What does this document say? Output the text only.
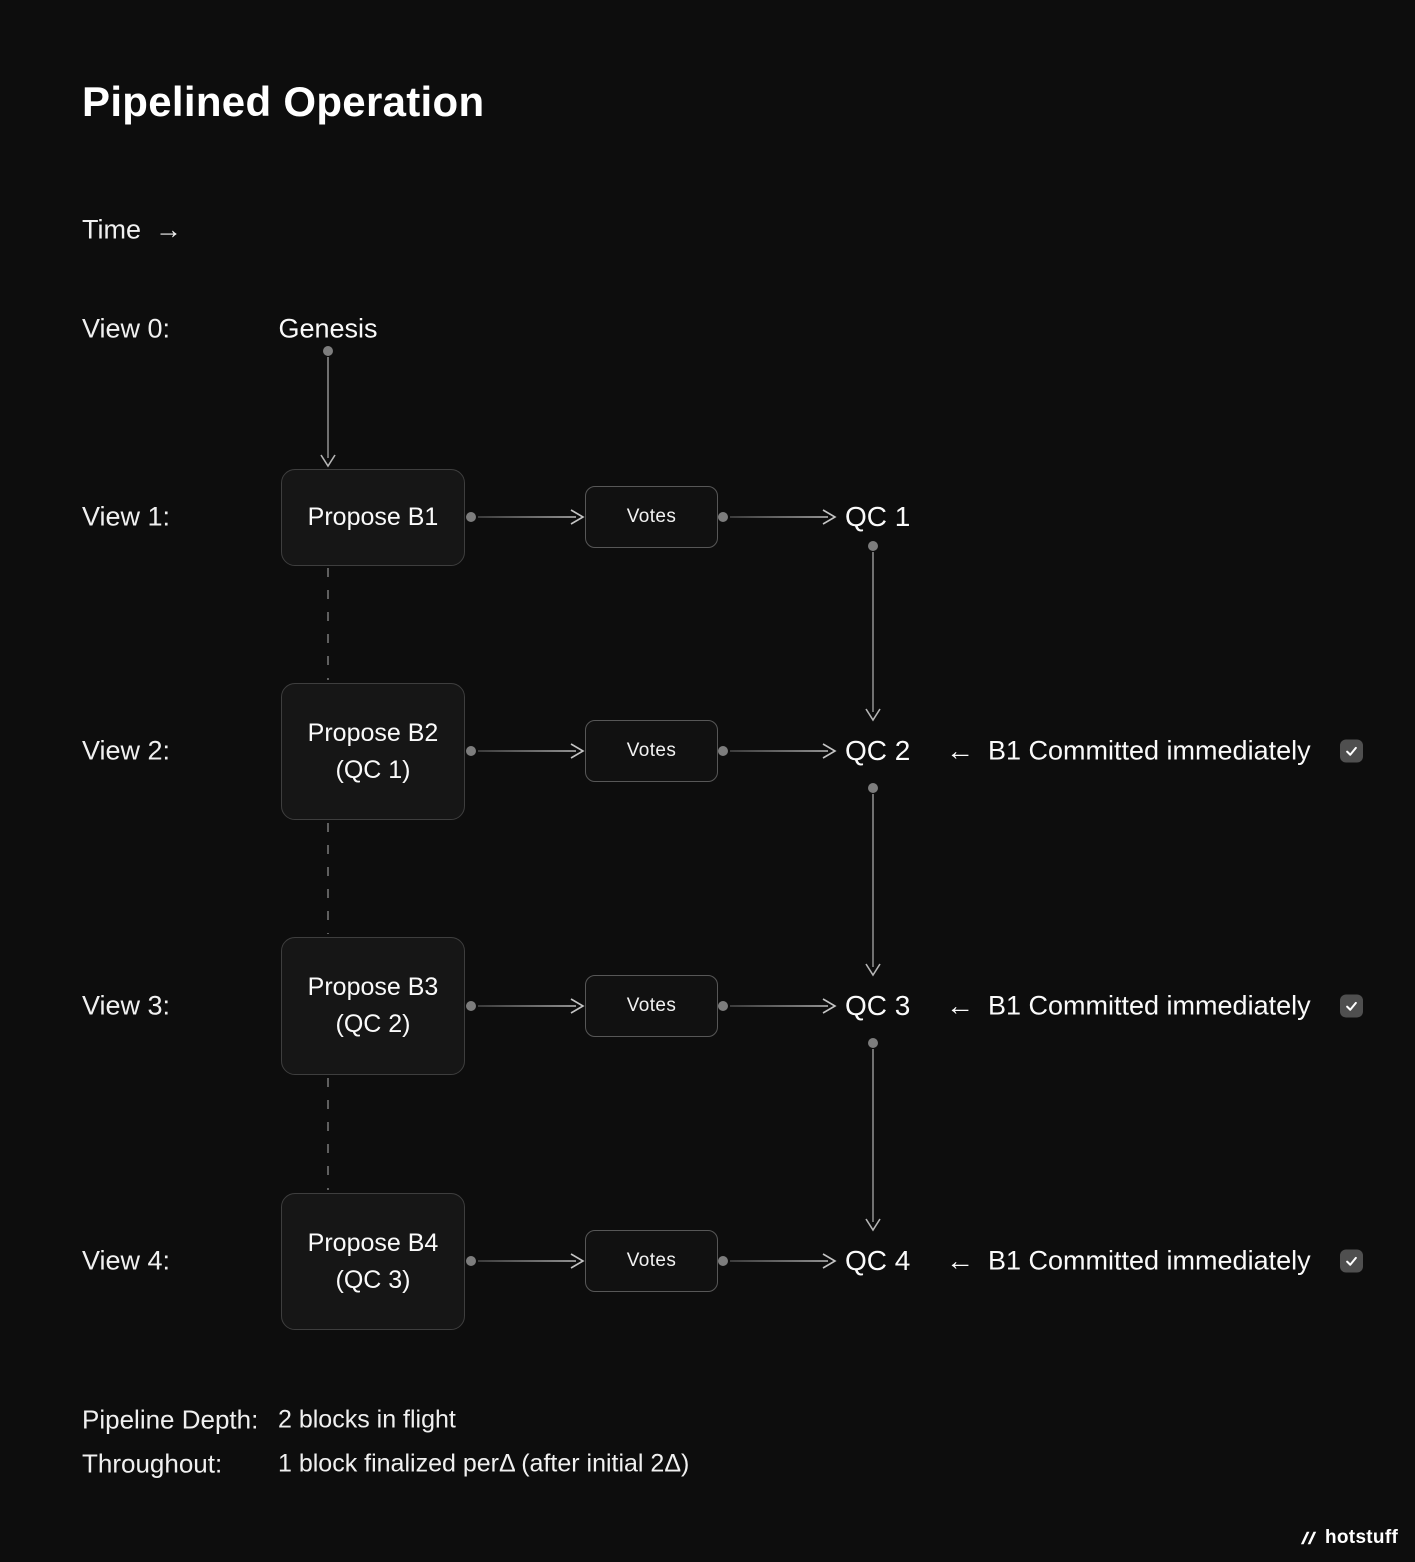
Pipelined Operation
Time →
View 0:
View 1:
View 2:
View 3:
View 4:
Genesis
Propose B1
Propose B2
(QC 1)
Propose B3
(QC 2)
Propose B4
(QC 3)
Votes
Votes
Votes
Votes
QC 1
QC 2
QC 3
QC 4
← B1 Committed immediately
← B1 Committed immediately
← B1 Committed immediately
Pipeline Depth: 2 blocks in flight
Throughout: 1 block finalized perΔ (after initial 2Δ)
hotstuff
